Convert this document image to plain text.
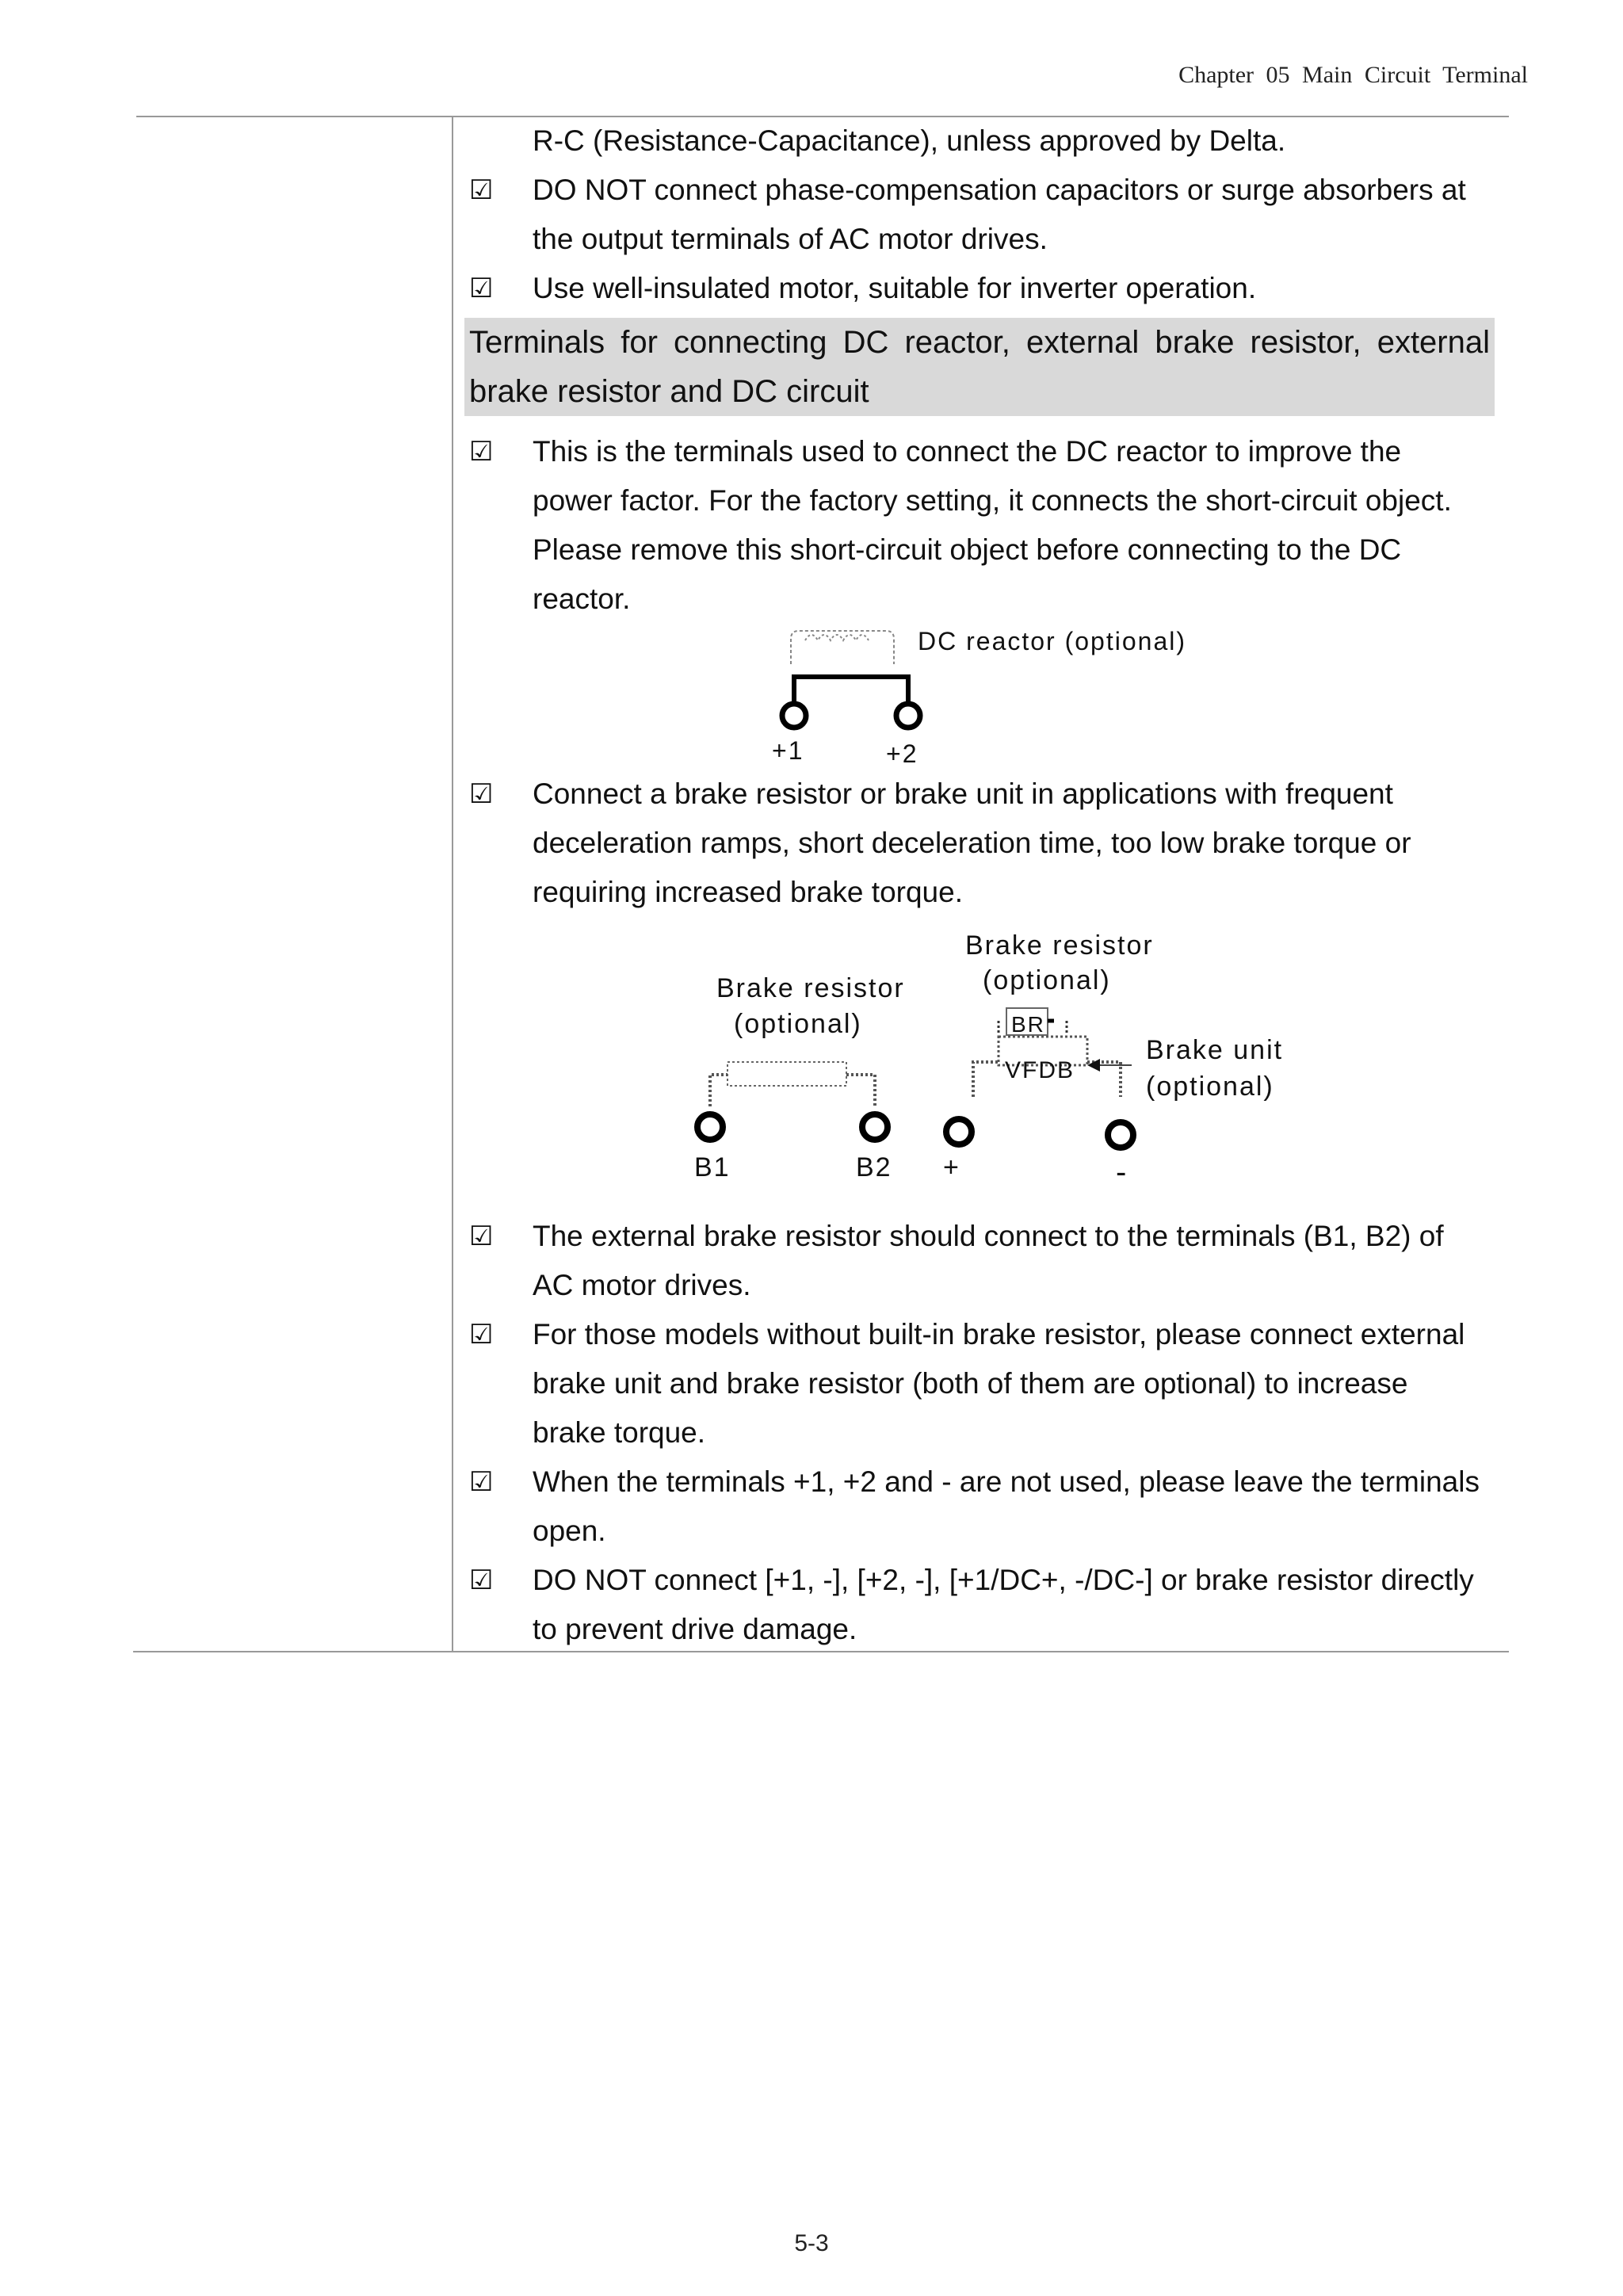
Chapter 05 Main Circuit Terminal
R-C (Resistance-Capacitance), unless approved by Delta.
☑ DO NOT connect phase-compensation capacitors or surge absorbers at
the output terminals of AC motor drives.
☑ Use well-insulated motor, suitable for inverter operation.
Terminals for connecting DC reactor, external brake resistor, external
brake resistor and DC circuit
☑ This is the terminals used to connect the DC reactor to improve the
power factor. For the factory setting, it connects the short-circuit object.
Please remove this short-circuit object before connecting to the DC
reactor.
☑ Connect a brake resistor or brake unit in applications with frequent
deceleration ramps, short deceleration time, too low brake torque or
requiring increased brake torque.
☑ The external brake resistor should connect to the terminals (B1, B2) of
AC motor drives.
☑ For those models without built-in brake resistor, please connect external
brake unit and brake resistor (both of them are optional) to increase
brake torque.
☑ When the terminals +1, +2 and - are not used, please leave the terminals
open.
☑ DO NOT connect [+1, -], [+2, -], [+1/DC+, -/DC-] or brake resistor directly
to prevent drive damage.
DC reactor (optional)
+1	+2
Brake resistor
(optional)
B1	B2
Brake resistor
(optional)
BR
VFDB
Brake unit
(optional)
+	-
5-3
